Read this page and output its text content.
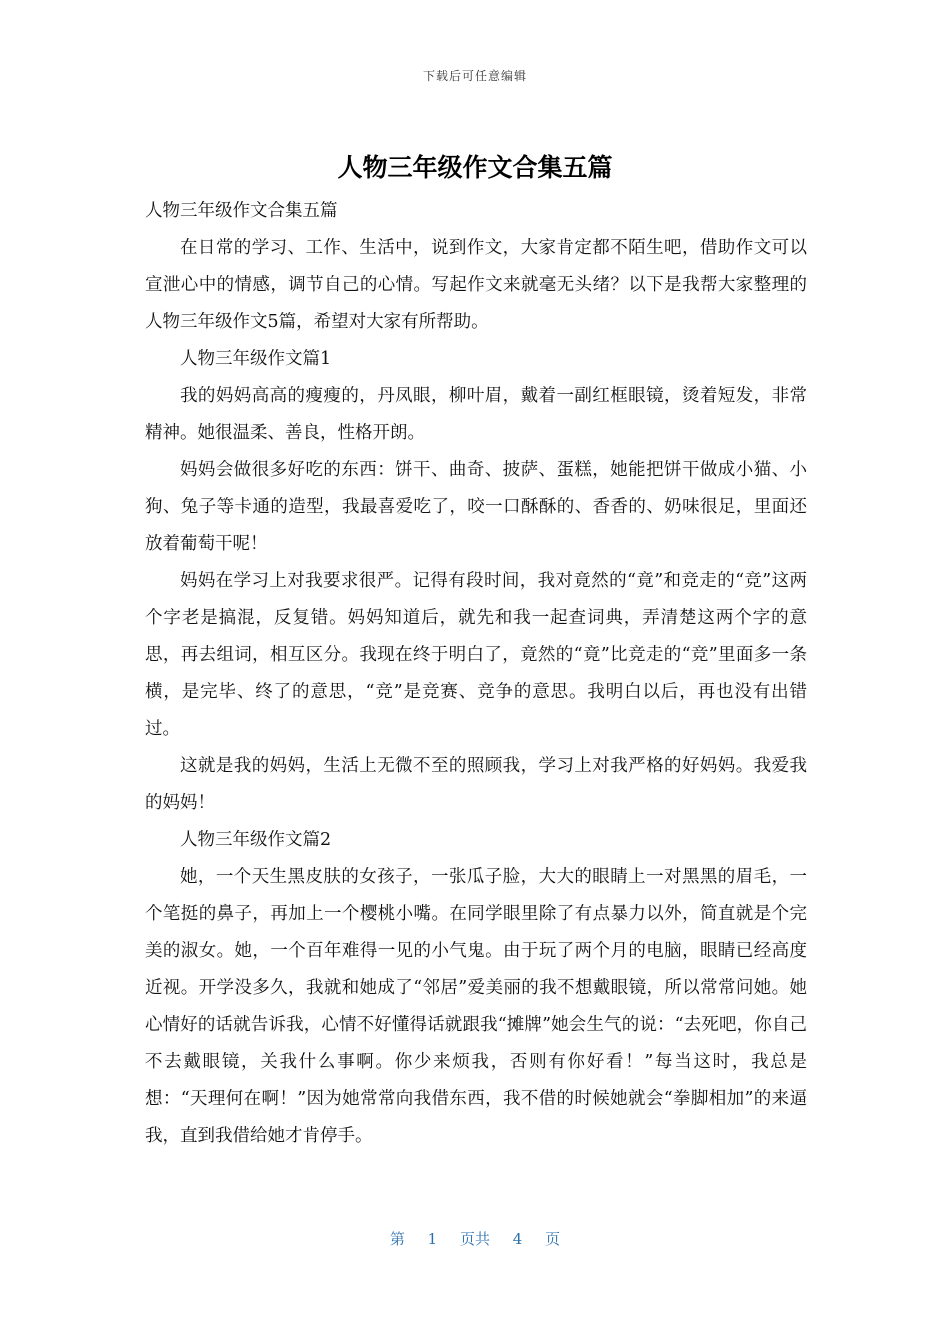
下载后可任意编辑
人物三年级作文合集五篇

人物三年级作文合集五篇

在日常的学习、工作、生活中，说到作文，大家肯定都不陌生吧，借助作文可以宣泄心中的情感，调节自己的心情。写起作文来就毫无头绪？以下是我帮大家整理的人物三年级作文5篇，希望对大家有所帮助。

人物三年级作文篇1

我的妈妈高高的瘦瘦的，丹凤眼，柳叶眉，戴着一副红框眼镜，烫着短发，非常精神。她很温柔、善良，性格开朗。

妈妈会做很多好吃的东西：饼干、曲奇、披萨、蛋糕，她能把饼干做成小猫、小狗、兔子等卡通的造型，我最喜爱吃了，咬一口酥酥的、香香的、奶味很足，里面还放着葡萄干呢！

妈妈在学习上对我要求很严。记得有段时间，我对竟然的“竟”和竞走的“竞”这两个字老是搞混，反复错。妈妈知道后，就先和我一起查词典，弄清楚这两个字的意思，再去组词，相互区分。我现在终于明白了，竟然的“竟”比竞走的“竞”里面多一条横，是完毕、终了的意思，“竞”是竞赛、竞争的意思。我明白以后，再也没有出错过。

这就是我的妈妈，生活上无微不至的照顾我，学习上对我严格的好妈妈。我爱我的妈妈！

人物三年级作文篇2

她，一个天生黑皮肤的女孩子，一张瓜子脸，大大的眼睛上一对黑黑的眉毛，一个笔挺的鼻子，再加上一个樱桃小嘴。在同学眼里除了有点暴力以外，简直就是个完美的淑女。她，一个百年难得一见的小气鬼。由于玩了两个月的电脑，眼睛已经高度近视。开学没多久，我就和她成了“邻居”爱美丽的我不想戴眼镜，所以常常问她。她心情好的话就告诉我，心情不好懂得话就跟我“摊牌”她会生气的说：“去死吧，你自己不去戴眼镜，关我什么事啊。你少来烦我，否则有你好看！”每当这时，我总是想：“天理何在啊！”因为她常常向我借东西，我不借的时候她就会“拳脚相加”的来逼我，直到我借给她才肯停手。

第 1 页共 4 页
